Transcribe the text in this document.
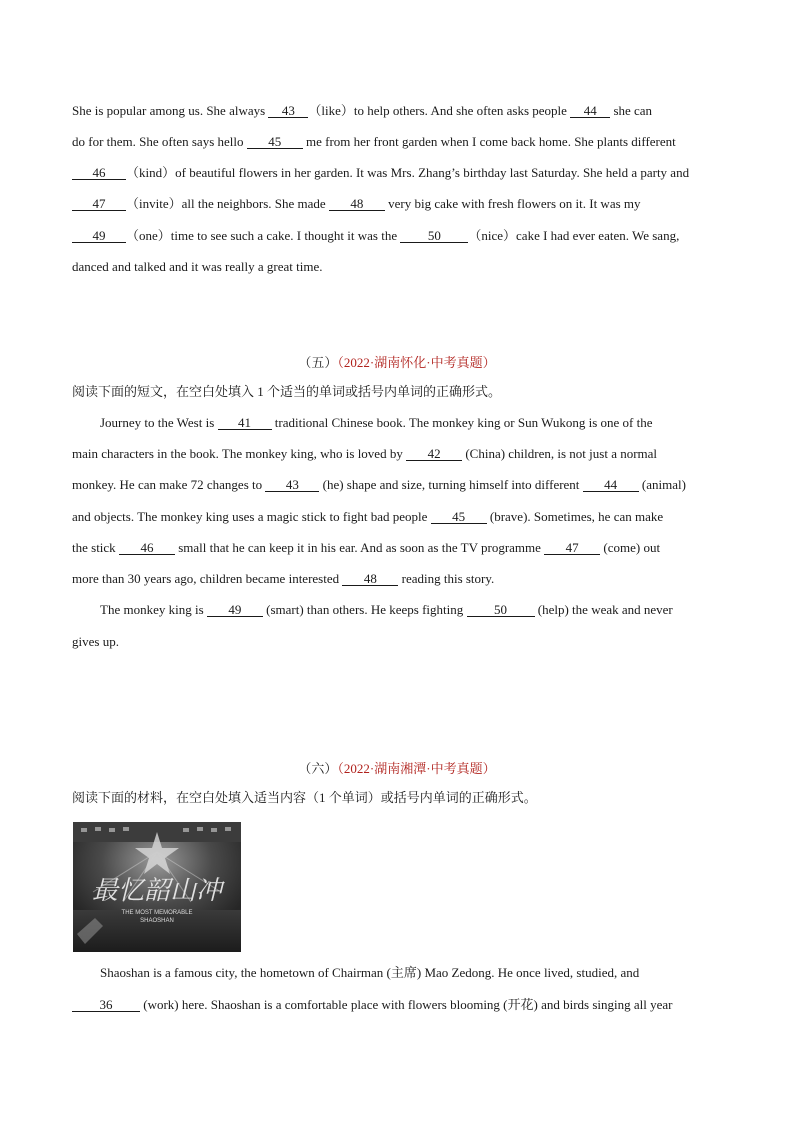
She is popular among us. She always 43 （like）to help others. And she often asks people 44 she can
do for them. She often says hello 45 me from her front garden when I come back home. She plants different
46 （kind）of beautiful flowers in her garden. It was Mrs. Zhang’s birthday last Saturday. She held a party and
47 （invite）all the neighbors. She made 48 very big cake with fresh flowers on it. It was my
49 （one）time to see such a cake. I thought it was the 50 （nice）cake I had ever eaten. We sang,
danced and talked and it was really a great time.
（五）（2022·湖南怀化·中考真题）
阅读下面的短文，在空白处填入 1 个适当的单词或括号内单词的正确形式。
Journey to the West is 41 traditional Chinese book. The monkey king or Sun Wukong is one of the
main characters in the book. The monkey king, who is loved by 42 (China) children, is not just a normal
monkey. He can make 72 changes to 43 (he) shape and size, turning himself into different 44 (animal)
and objects. The monkey king uses a magic stick to fight bad people 45 (brave). Sometimes, he can make
the stick 46 small that he can keep it in his ear. And as soon as the TV programme 47 (come) out
more than 30 years ago, children became interested 48 reading this story.
The monkey king is 49 (smart) than others. He keeps fighting 50 (help) the weak and never
gives up.
（六）（2022·湖南湘潭·中考真题）
阅读下面的材料，在空白处填入适当内容（1 个单词）或括号内单词的正确形式。
最忆韶山冲
THE MOST MEMORABLE
SHAOSHAN
Shaoshan is a famous city, the hometown of Chairman (主席) Mao Zedong. He once lived, studied, and
36 (work) here. Shaoshan is a comfortable place with flowers blooming (开花) and birds singing all year
